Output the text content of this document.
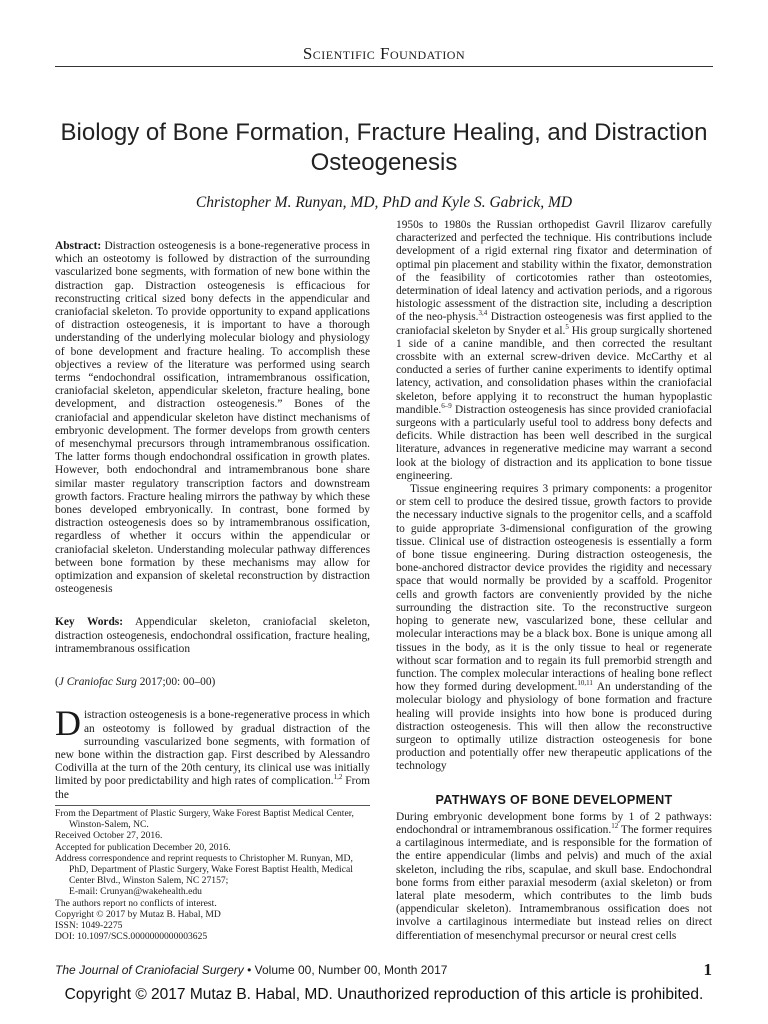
Scientific Foundation
Biology of Bone Formation, Fracture Healing, and Distraction Osteogenesis
Christopher M. Runyan, MD, PhD and Kyle S. Gabrick, MD

Abstract: Distraction osteogenesis is a bone-regenerative process in which an osteotomy is followed by distraction of the surrounding vascularized bone segments, with formation of new bone within the distraction gap. Distraction osteogenesis is efficacious for reconstructing critical sized bony defects in the appendicular and craniofacial skeleton. To provide opportunity to expand applications of distraction osteogenesis, it is important to have a thorough understanding of the underlying molecular biology and physiology of bone development and fracture healing. To accomplish these objectives a review of the literature was performed using search terms “endochondral ossification, intramembranous ossification, craniofacial skeleton, appendicular skeleton, fracture healing, bone development, and distraction osteogenesis.” Bones of the craniofacial and appendicular skeleton have distinct mechanisms of embryonic development. The former develops from growth centers of mesenchymal precursors through intramembranous ossification. The latter forms though endochondral ossification in growth plates. However, both endochondral and intramembranous bone share similar master regulatory transcription factors and downstream growth factors. Fracture healing mirrors the pathway by which these bones developed embryonically. In contrast, bone formed by distraction osteogenesis does so by intramembranous ossification, regardless of whether it occurs within the appendicular or craniofacial skeleton. Understanding molecular pathway differences between bone formation by these mechanisms may allow for optimization and expansion of skeletal reconstruction by distraction osteogenesis

Key Words: Appendicular skeleton, craniofacial skeleton, distraction osteogenesis, endochondral ossification, fracture healing, intramembranous ossification

(J Craniofac Surg 2017;00: 00–00)

Distraction osteogenesis is a bone-regenerative process in which an osteotomy is followed by gradual distraction of the surrounding vascularized bone segments, with formation of new bone within the distraction gap. First described by Alessandro Codivilla at the turn of the 20th century, its clinical use was initially limited by poor predictability and high rates of complication.$^{1,2}$ From the

From the Department of Plastic Surgery, Wake Forest Baptist Medical Center, Winston-Salem, NC.
Received October 27, 2016.
Accepted for publication December 20, 2016.
Address correspondence and reprint requests to Christopher M. Runyan, MD, PhD, Department of Plastic Surgery, Wake Forest Baptist Health, Medical Center Blvd., Winston Salem, NC 27157;
E-mail: Crunyan@wakehealth.edu
The authors report no conflicts of interest.
Copyright © 2017 by Mutaz B. Habal, MD
ISSN: 1049-2275
DOI: 10.1097/SCS.0000000000003625

1950s to 1980s the Russian orthopedist Gavril Ilizarov carefully characterized and perfected the technique. His contributions include development of a rigid external ring fixator and determination of optimal pin placement and stability within the fixator, demonstration of the feasibility of corticotomies rather than osteotomies, determination of ideal latency and activation periods, and a rigorous histologic assessment of the distraction site, including a description of the neo-physis.$^{3,4}$ Distraction osteogenesis was first applied to the craniofacial skeleton by Snyder et al.$^5$ His group surgically shortened 1 side of a canine mandible, and then corrected the resultant crossbite with an external screw-driven device. McCarthy et al conducted a series of further canine experiments to identify optimal latency, activation, and consolidation phases within the craniofacial skeleton, before applying it to reconstruct the human hypoplastic mandible.$^{6-9}$ Distraction osteogenesis has since provided craniofacial surgeons with a particularly useful tool to address bony defects and deficits. While distraction has been well described in the surgical literature, advances in regenerative medicine may warrant a second look at the biology of distraction and its application to bone tissue engineering.

Tissue engineering requires 3 primary components: a progenitor or stem cell to produce the desired tissue, growth factors to provide the necessary inductive signals to the progenitor cells, and a scaffold to guide appropriate 3-dimensional configuration of the growing tissue. Clinical use of distraction osteogenesis is essentially a form of bone tissue engineering. During distraction osteogenesis, the bone-anchored distractor device provides the rigidity and necessary space that would normally be provided by a scaffold. Progenitor cells and growth factors are conveniently provided by the niche surrounding the distraction site. To the reconstructive surgeon hoping to generate new, vascularized bone, these cellular and molecular interactions may be a black box. Bone is unique among all tissues in the body, as it is the only tissue to heal or regenerate without scar formation and to regain its full premorbid strength and function. The complex molecular interactions of healing bone reflect how they formed during development.$^{10,11}$ An understanding of the molecular biology and physiology of bone formation and fracture healing will provide insights into how bone is produced during distraction osteogenesis. This will then allow the reconstructive surgeon to optimally utilize distraction osteogenesis for bone production and potentially offer new therapeutic applications of the technology

PATHWAYS OF BONE DEVELOPMENT

During embryonic development bone forms by 1 of 2 pathways: endochondral or intramembranous ossification.$^{12}$ The former requires a cartilaginous intermediate, and is responsible for the formation of the entire appendicular (limbs and pelvis) and much of the axial skeleton, including the ribs, scapulae, and skull base. Endochondral bone forms from either paraxial mesoderm (axial skeleton) or from lateral plate mesoderm, which contributes to the limb buds (appendicular skeleton). Intramembranous ossification does not involve a cartilaginous intermediate but instead relies on direct differentiation of mesenchymal precursor or neural crest cells

The Journal of Craniofacial Surgery • Volume 00, Number 00, Month 2017	1
Copyright © 2017 Mutaz B. Habal, MD. Unauthorized reproduction of this article is prohibited.
